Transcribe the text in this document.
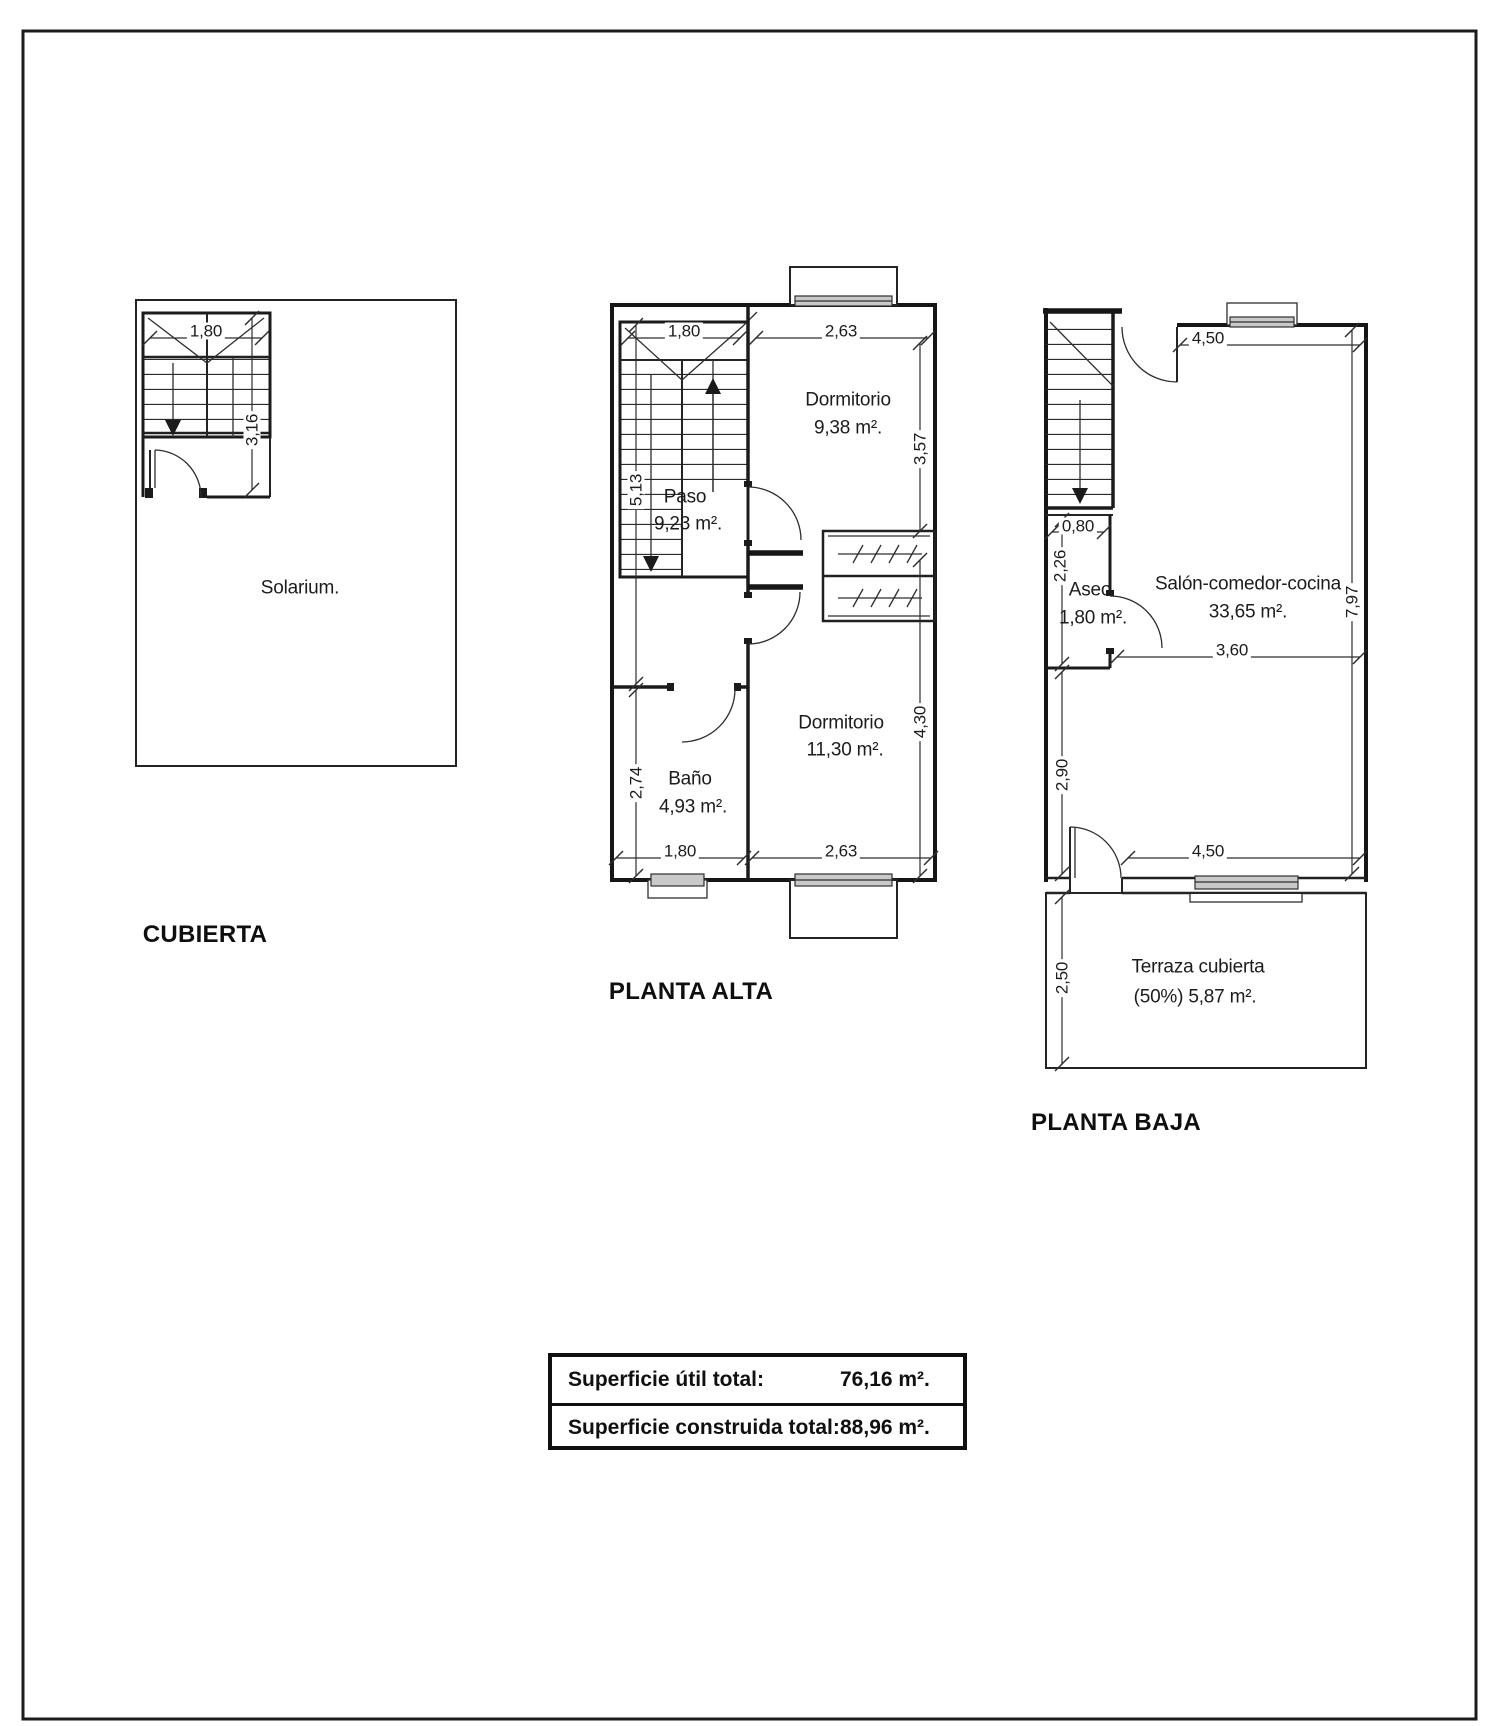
1,80
3,16
Solarium.
CUBIERTA
1,80	2,63
3,57
4,30
5,13
2,74
1,80	2,63
Dormitorio
9,38 m².
Paso
9,23 m².
Baño
4,93 m².
Dormitorio
11,30 m².
PLANTA ALTA
4,50
0,80
2,26
3,60
2,90
7,97
4,50
2,50
Aseo
1,80 m².
Salón-comedor-cocina
33,65 m².
Terraza cubierta
(50%) 5,87 m².
PLANTA BAJA
Superficie útil total:	76,16 m².
Superficie construida total: 88,96 m².
